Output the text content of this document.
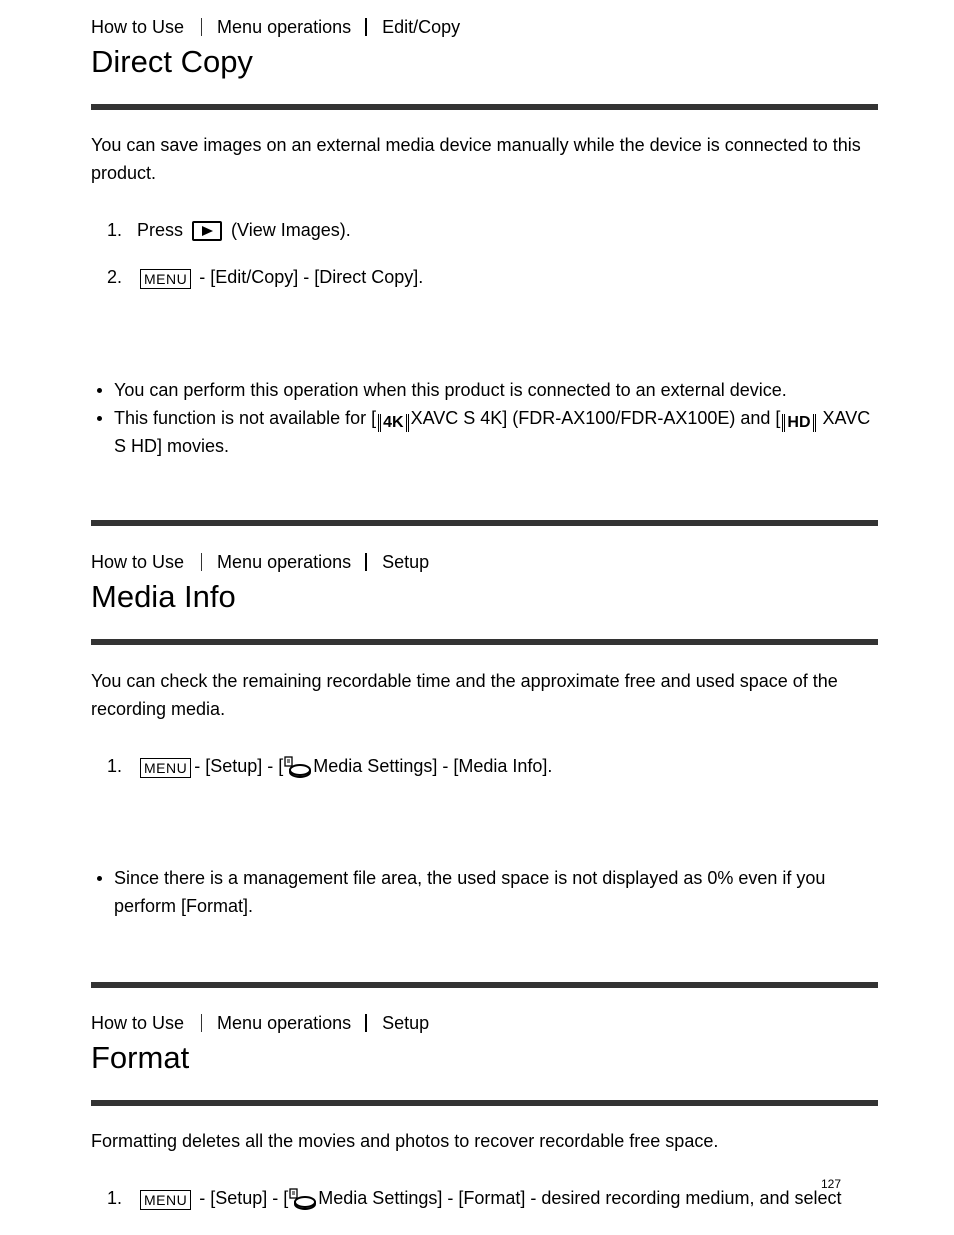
How to Use Menu operations Edit/Copy
Direct Copy

You can save images on an external media device manually while the device is connected to this product.

1. Press	(View Images).
2. MENU - [Edit/Copy] - [Direct Copy].
You can perform this operation when this product is connected to an external device.
This function is not available for [ 4K XAVC S 4K] (FDR-AX100/FDR-AX100E) and [ HD XAVC S HD] movies.
How to Use Menu operations Setup
Media Info

You can check the remaining recordable time and the approximate free and used space of the recording media.

1. MENU - [Setup] - [ Media Settings] - [Media Info].
Since there is a management file area, the used space is not displayed as 0% even if you perform [Format].
How to Use Menu operations Setup
Format

Formatting deletes all the movies and photos to recover recordable free space.

1. MENU - [Setup] - [ Media Settings] - [Format] - desired recording medium, and select
127
